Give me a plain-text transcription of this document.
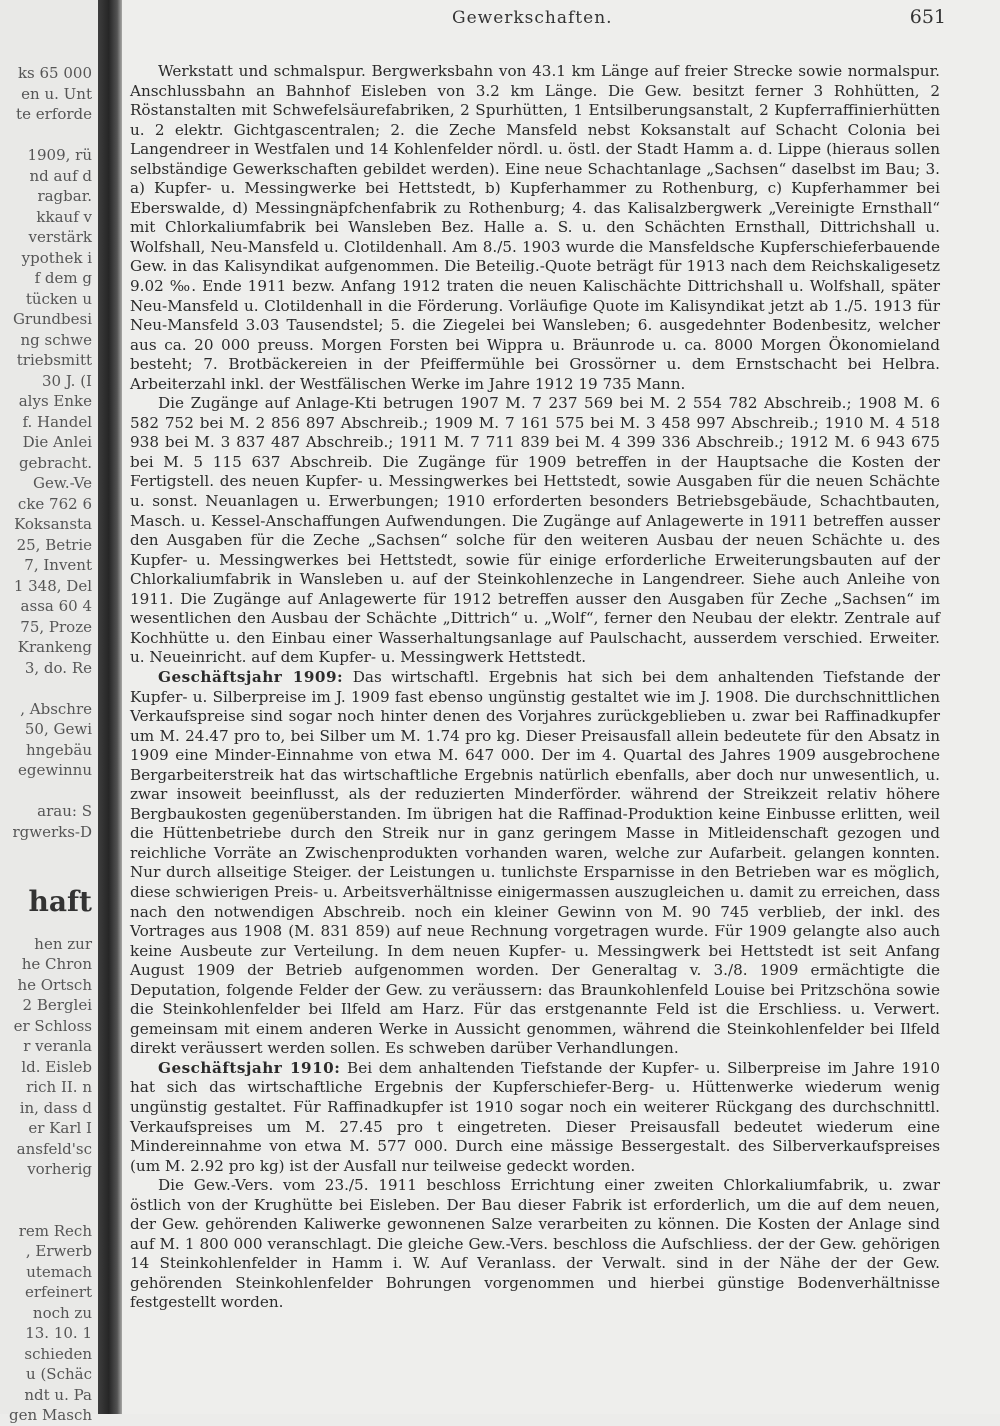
ks 65 000
en u. Unt
te erforde
1909, rü
nd auf d
ragbar.
kkauf v
verstärk
ypothek i
f dem g
tücken u
Grundbesi
ng schwe
triebsmitt
30 J. (I
alys Enke
f. Handel
Die Anlei
gebracht.
Gew.-Ve
cke 762 6
Koksansta
25, Betrie
7, Invent
1 348, Del
assa 60 4
75, Proze
Krankeng
3, do. Re
, Abschre
50, Gewi
hngebäu
egewinnu
arau: S
rgwerks-D
haft
hen zur
he Chron
he Ortsch
2 Berglei
er Schloss
r veranla
ld. Eisleb
rich II. n
in, dass d
er Karl I
ansfeld'sc
vorherig
rem Rech
, Erwerb
utemach
erfeinert
noch zu
13. 10. 1
schieden
u (Schäc
ndt u. Pa
gen Masch
Gewerkschaften.	651

Werkstatt und schmalspur. Bergwerksbahn von 43.1 km Länge auf freier Strecke sowie normalspur. Anschlussbahn an Bahnhof Eisleben von 3.2 km Länge. Die Gew. besitzt ferner 3 Rohhütten, 2 Röstanstalten mit Schwefelsäurefabriken, 2 Spurhütten, 1 Entsilberungsanstalt, 2 Kupferraffinierhütten u. 2 elektr. Gichtgascentralen; 2. die Zeche Mansfeld nebst Koksanstalt auf Schacht Colonia bei Langendreer in Westfalen und 14 Kohlenfelder nördl. u. östl. der Stadt Hamm a. d. Lippe (hieraus sollen selbständige Gewerkschaften gebildet werden). Eine neue Schachtanlage „Sachsen“ daselbst im Bau; 3. a) Kupfer- u. Messingwerke bei Hettstedt, b) Kupferhammer zu Rothenburg, c) Kupferhammer bei Eberswalde, d) Messingnäpfchenfabrik zu Rothenburg; 4. das Kalisalzbergwerk „Vereinigte Ernsthall“ mit Chlorkaliumfabrik bei Wansleben Bez. Halle a. S. u. den Schächten Ernsthall, Dittrichshall u. Wolfshall, Neu-Mansfeld u. Clotildenhall. Am 8./5. 1903 wurde die Mansfeldsche Kupferschieferbauende Gew. in das Kalisyndikat aufgenommen. Die Beteilig.-Quote beträgt für 1913 nach dem Reichskaligesetz 9.02 ‰. Ende 1911 bezw. Anfang 1912 traten die neuen Kalischächte Dittrichshall u. Wolfshall, später Neu-Mansfeld u. Clotildenhall in die Förderung. Vorläufige Quote im Kalisyndikat jetzt ab 1./5. 1913 für Neu-Mansfeld 3.03 Tausendstel; 5. die Ziegelei bei Wansleben; 6. ausgedehnter Bodenbesitz, welcher aus ca. 20 000 preuss. Morgen Forsten bei Wippra u. Bräunrode u. ca. 8000 Morgen Ökonomieland besteht; 7. Brotbäckereien in der Pfeiffermühle bei Grossörner u. dem Ernstschacht bei Helbra. Arbeiterzahl inkl. der Westfälischen Werke im Jahre 1912 19 735 Mann.

Die Zugänge auf Anlage-Kti betrugen 1907 M. 7 237 569 bei M. 2 554 782 Abschreib.; 1908 M. 6 582 752 bei M. 2 856 897 Abschreib.; 1909 M. 7 161 575 bei M. 3 458 997 Abschreib.; 1910 M. 4 518 938 bei M. 3 837 487 Abschreib.; 1911 M. 7 711 839 bei M. 4 399 336 Abschreib.; 1912 M. 6 943 675 bei M. 5 115 637 Abschreib. Die Zugänge für 1909 betreffen in der Hauptsache die Kosten der Fertigstell. des neuen Kupfer- u. Messingwerkes bei Hettstedt, sowie Ausgaben für die neuen Schächte u. sonst. Neuanlagen u. Erwerbungen; 1910 erforderten besonders Betriebsgebäude, Schachtbauten, Masch. u. Kessel-Anschaffungen Aufwendungen. Die Zugänge auf Anlagewerte in 1911 betreffen ausser den Ausgaben für die Zeche „Sachsen“ solche für den weiteren Ausbau der neuen Schächte u. des Kupfer- u. Messingwerkes bei Hettstedt, sowie für einige erforderliche Erweiterungsbauten auf der Chlorkaliumfabrik in Wansleben u. auf der Steinkohlenzeche in Langendreer. Siehe auch Anleihe von 1911. Die Zugänge auf Anlagewerte für 1912 betreffen ausser den Ausgaben für Zeche „Sachsen“ im wesentlichen den Ausbau der Schächte „Dittrich“ u. „Wolf“, ferner den Neubau der elektr. Zentrale auf Kochhütte u. den Einbau einer Wasserhaltungsanlage auf Paulschacht, ausserdem verschied. Erweiter. u. Neueinricht. auf dem Kupfer- u. Messingwerk Hettstedt.

Geschäftsjahr 1909: Das wirtschaftl. Ergebnis hat sich bei dem anhaltenden Tiefstande der Kupfer- u. Silberpreise im J. 1909 fast ebenso ungünstig gestaltet wie im J. 1908. Die durchschnittlichen Verkaufspreise sind sogar noch hinter denen des Vorjahres zurückgeblieben u. zwar bei Raffinadkupfer um M. 24.47 pro to, bei Silber um M. 1.74 pro kg. Dieser Preisausfall allein bedeutete für den Absatz in 1909 eine Minder-Einnahme von etwa M. 647 000. Der im 4. Quartal des Jahres 1909 ausgebrochene Bergarbeiterstreik hat das wirtschaftliche Ergebnis natürlich ebenfalls, aber doch nur unwesentlich, u. zwar insoweit beeinflusst, als der reduzierten Minderförder. während der Streikzeit relativ höhere Bergbaukosten gegenüberstanden. Im übrigen hat die Raffinad-Produktion keine Einbusse erlitten, weil die Hüttenbetriebe durch den Streik nur in ganz geringem Masse in Mitleidenschaft gezogen und reichliche Vorräte an Zwischenprodukten vorhanden waren, welche zur Aufarbeit. gelangen konnten. Nur durch allseitige Steiger. der Leistungen u. tunlichste Ersparnisse in den Betrieben war es möglich, diese schwierigen Preis- u. Arbeitsverhältnisse einigermassen auszugleichen u. damit zu erreichen, dass nach den notwendigen Abschreib. noch ein kleiner Gewinn von M. 90 745 verblieb, der inkl. des Vortrages aus 1908 (M. 831 859) auf neue Rechnung vorgetragen wurde. Für 1909 gelangte also auch keine Ausbeute zur Verteilung. In dem neuen Kupfer- u. Messingwerk bei Hettstedt ist seit Anfang August 1909 der Betrieb aufgenommen worden. Der Generaltag v. 3./8. 1909 ermächtigte die Deputation, folgende Felder der Gew. zu veräussern: das Braunkohlenfeld Louise bei Pritzschöna sowie die Steinkohlenfelder bei Ilfeld am Harz. Für das erstgenannte Feld ist die Erschliess. u. Verwert. gemeinsam mit einem anderen Werke in Aussicht genommen, während die Steinkohlenfelder bei Ilfeld direkt veräussert werden sollen. Es schweben darüber Verhandlungen.

Geschäftsjahr 1910: Bei dem anhaltenden Tiefstande der Kupfer- u. Silberpreise im Jahre 1910 hat sich das wirtschaftliche Ergebnis der Kupferschiefer-Berg- u. Hüttenwerke wiederum wenig ungünstig gestaltet. Für Raffinadkupfer ist 1910 sogar noch ein weiterer Rückgang des durchschnittl. Verkaufspreises um M. 27.45 pro t eingetreten. Dieser Preisausfall bedeutet wiederum eine Mindereinnahme von etwa M. 577 000. Durch eine mässige Bessergestalt. des Silberverkaufspreises (um M. 2.92 pro kg) ist der Ausfall nur teilweise gedeckt worden.

Die Gew.-Vers. vom 23./5. 1911 beschloss Errichtung einer zweiten Chlorkaliumfabrik, u. zwar östlich von der Krughütte bei Eisleben. Der Bau dieser Fabrik ist erforderlich, um die auf dem neuen, der Gew. gehörenden Kaliwerke gewonnenen Salze verarbeiten zu können. Die Kosten der Anlage sind auf M. 1 800 000 veranschlagt. Die gleiche Gew.-Vers. beschloss die Aufschliess. der der Gew. gehörigen 14 Steinkohlenfelder in Hamm i. W. Auf Veranlass. der Verwalt. sind in der Nähe der der Gew. gehörenden Steinkohlenfelder Bohrungen vorgenommen und hierbei günstige Bodenverhältnisse festgestellt worden.
